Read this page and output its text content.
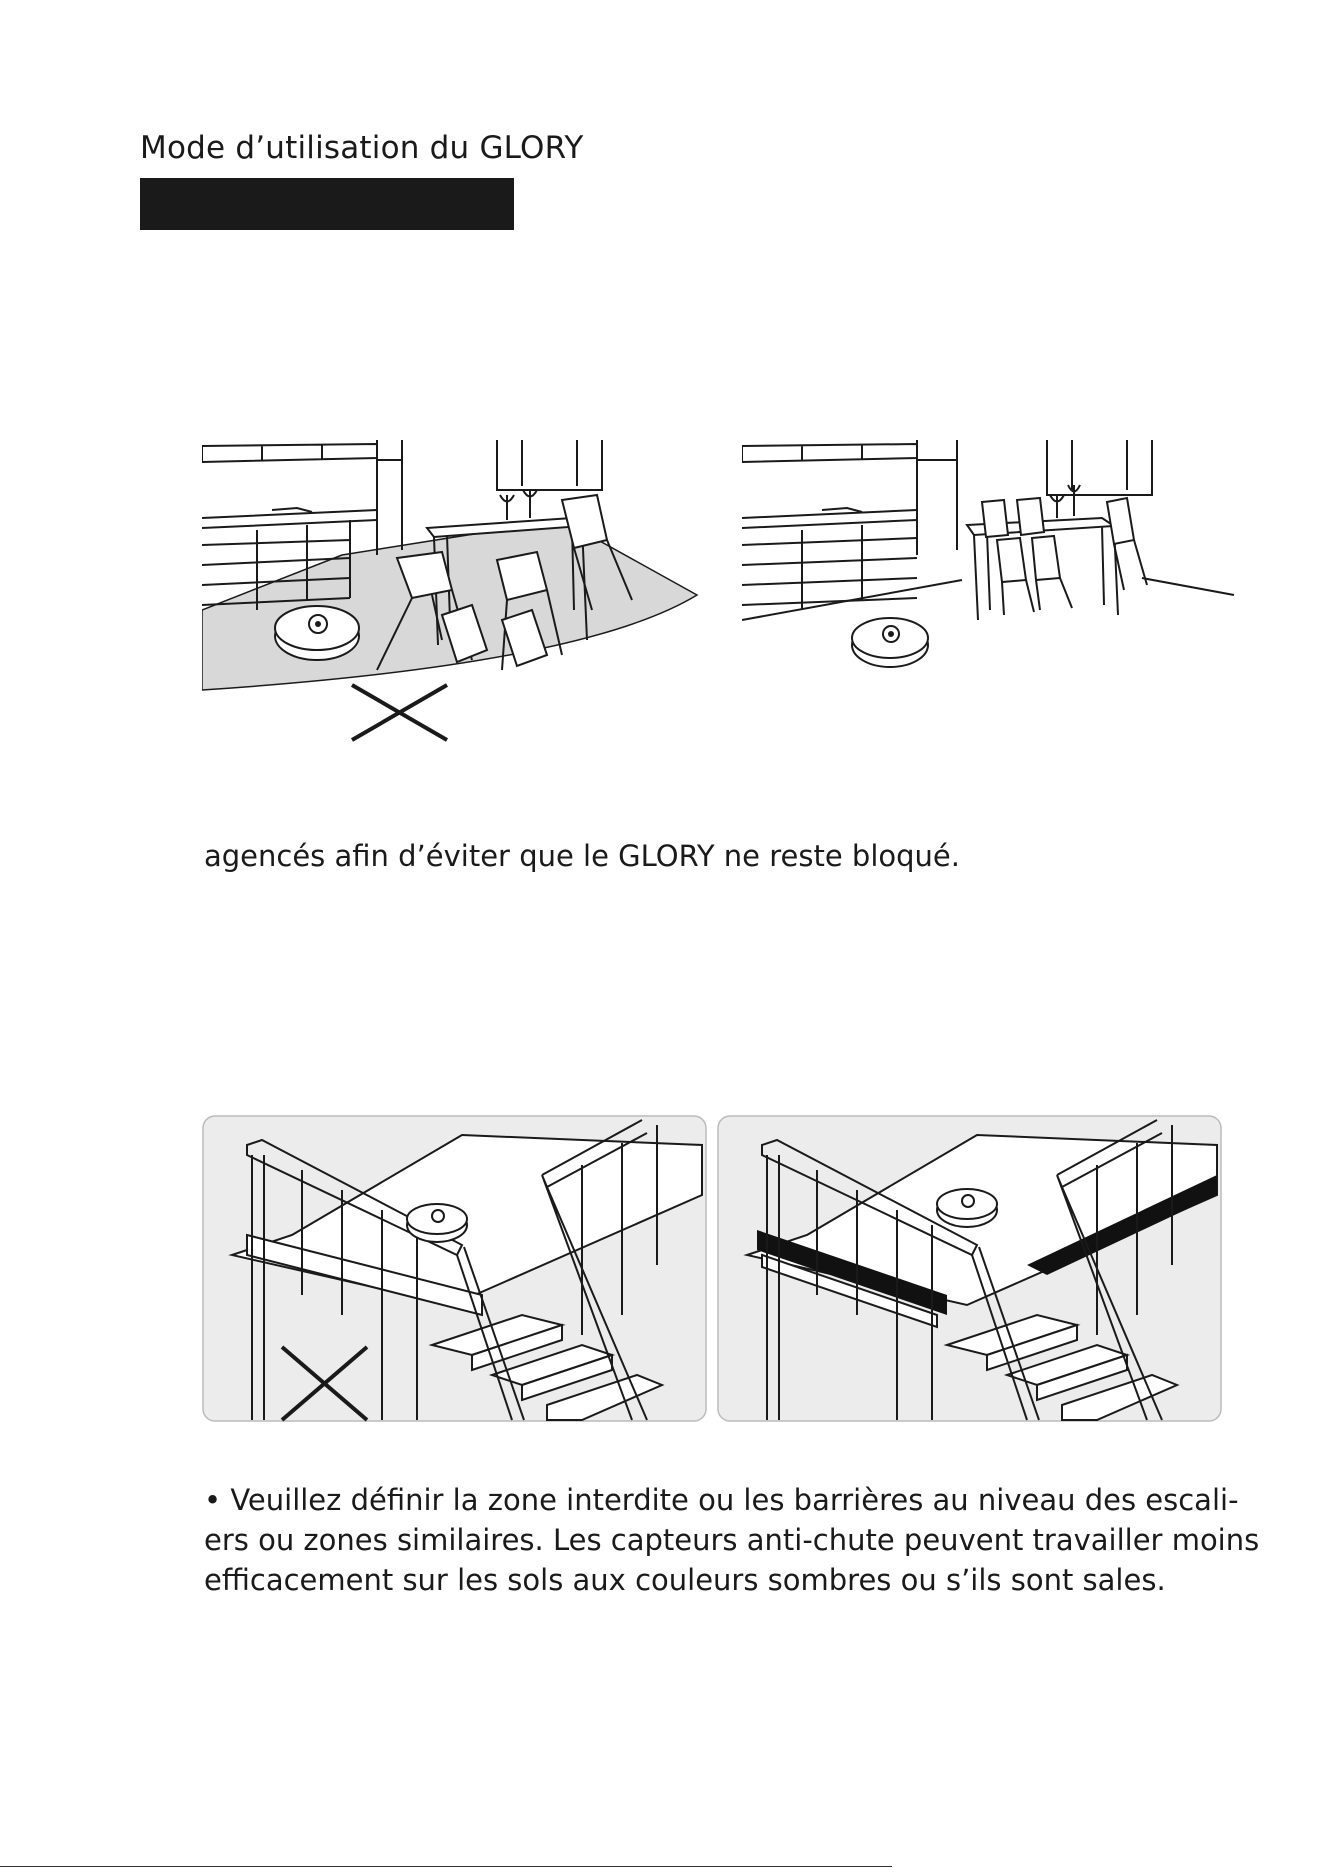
Mode d’utilisation du GLORY
agencés afin d’éviter que le GLORY ne reste bloqué.
• Veuillez définir la zone interdite ou les barrières au niveau des escali-
ers ou zones similaires. Les capteurs anti-chute peuvent travailler moins
efficacement sur les sols aux couleurs sombres ou s’ils sont sales.
